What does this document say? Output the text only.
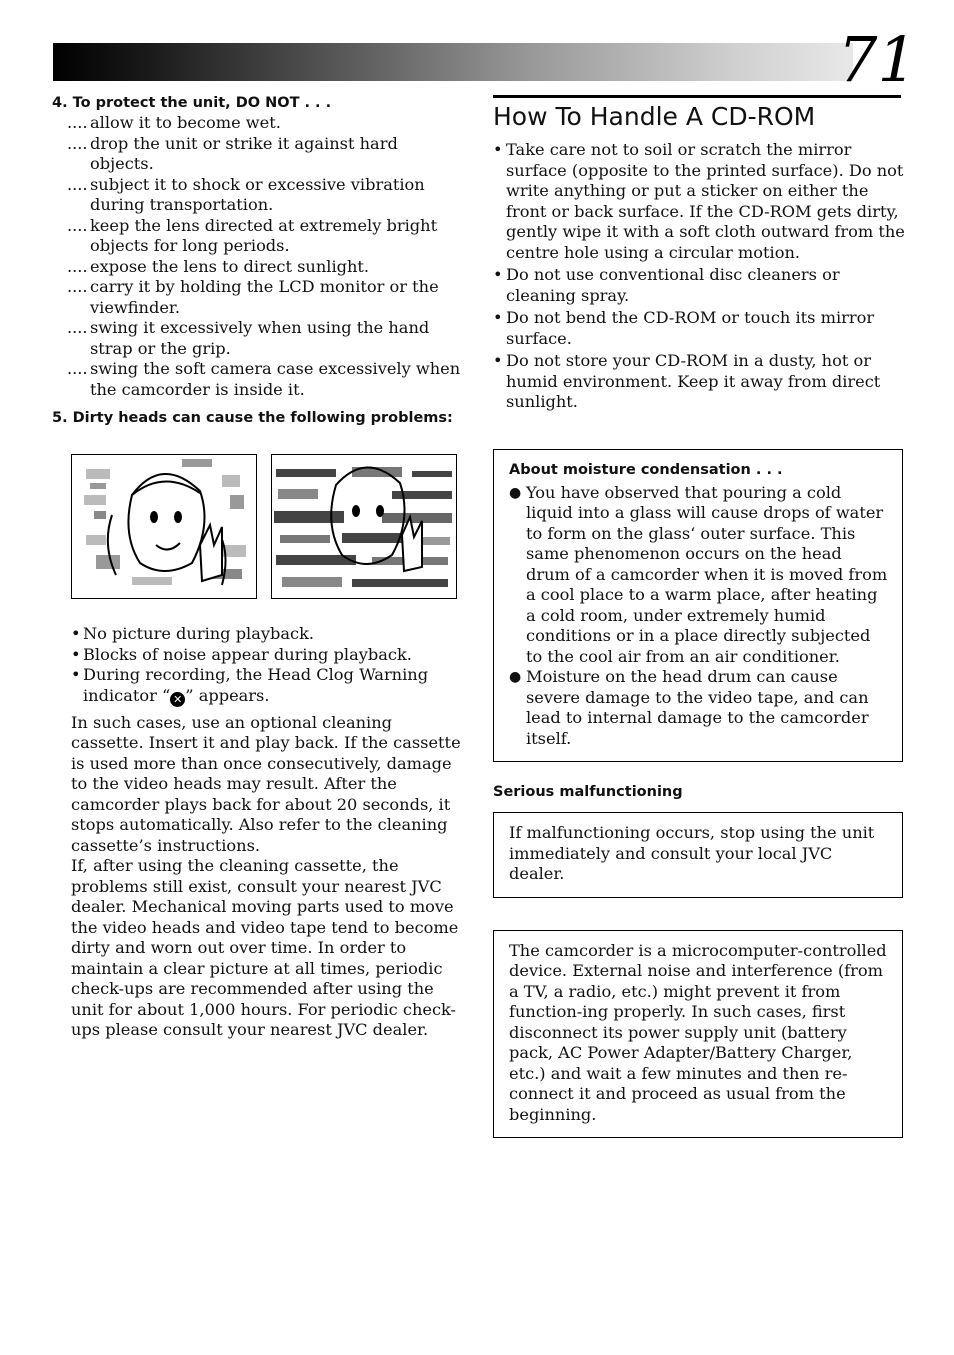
71
4. To protect the unit, DO NOT . . .
.... allow it to become wet.
.... drop the unit or strike it against hard objects.
.... subject it to shock or excessive vibration during transportation.
.... keep the lens directed at extremely bright objects for long periods.
.... expose the lens to direct sunlight.
.... carry it by holding the LCD monitor or the viewfinder.
.... swing it excessively when using the hand strap or the grip.
.... swing the soft camera case excessively when the camcorder is inside it.
5. Dirty heads can cause the following problems:
• No picture during playback.
• Blocks of noise appear during playback.
• During recording, the Head Clog Warning indicator “ ✕ ” appears.
In such cases, use an optional cleaning cassette. Insert it and play back. If the cassette is used more than once consecutively, damage to the video heads may result. After the camcorder plays back for about 20 seconds, it stops automatically. Also refer to the cleaning cassette’s instructions.
If, after using the cleaning cassette, the problems still exist, consult your nearest JVC dealer. Mechanical moving parts used to move the video heads and video tape tend to become dirty and worn out over time. In order to maintain a clear picture at all times, periodic check-ups are recommended after using the unit for about 1,000 hours. For periodic check-ups please consult your nearest JVC dealer.
How To Handle A CD-ROM
• Take care not to soil or scratch the mirror surface (opposite to the printed surface). Do not write anything or put a sticker on either the front or back surface. If the CD-ROM gets dirty, gently wipe it with a soft cloth outward from the centre hole using a circular motion.
• Do not use conventional disc cleaners or cleaning spray.
• Do not bend the CD-ROM or touch its mirror surface.
• Do not store your CD-ROM in a dusty, hot or humid environment. Keep it away from direct sunlight.
About moisture condensation . . .
● You have observed that pouring a cold liquid into a glass will cause drops of water to form on the glass‘ outer surface. This same phenomenon occurs on the head drum of a camcorder when it is moved from a cool place to a warm place, after heating a cold room, under extremely humid conditions or in a place directly subjected to the cool air from an air conditioner.
● Moisture on the head drum can cause severe damage to the video tape, and can lead to internal damage to the camcorder itself.
Serious malfunctioning
If malfunctioning occurs, stop using the unit immediately and consult your local JVC dealer.
The camcorder is a microcomputer-controlled device. External noise and interference (from a TV, a radio, etc.) might prevent it from function-ing properly. In such cases, first disconnect its power supply unit (battery pack, AC Power Adapter/Battery Charger, etc.) and wait a few minutes and then re-connect it and proceed as usual from the beginning.
